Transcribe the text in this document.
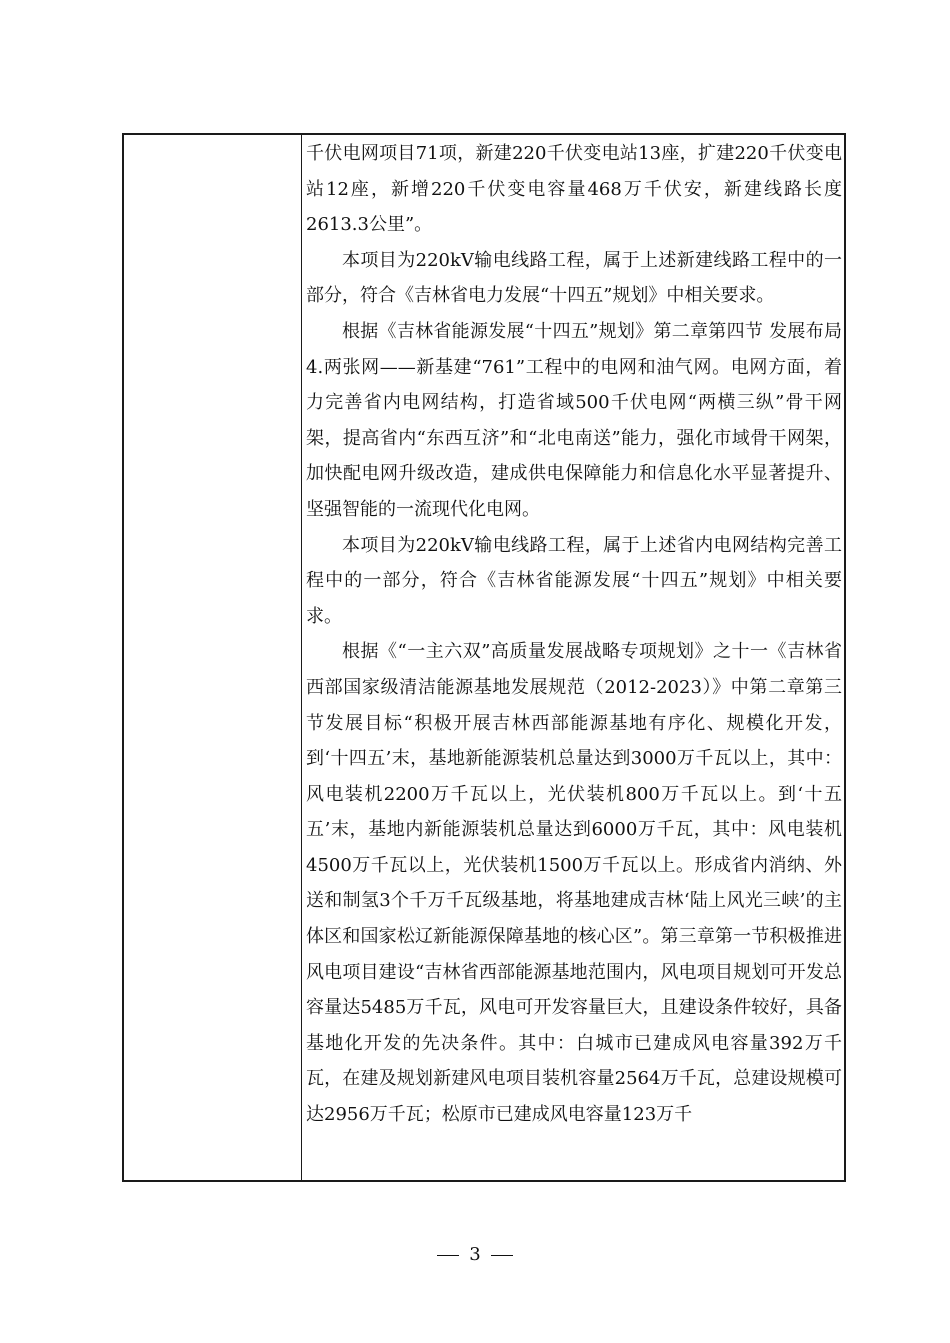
千伏电网项目71项，新建220千伏变电站13座，扩建220千伏变电站12座，新增220千伏变电容量468万千伏安，新建线路长度2613.3公里”。

本项目为220kV输电线路工程，属于上述新建线路工程中的一部分，符合《吉林省电力发展“十四五”规划》中相关要求。

根据《吉林省能源发展“十四五”规划》第二章第四节 发展布局 4.两张网——新基建“761”工程中的电网和油气网。电网方面，着力完善省内电网结构，打造省域500千伏电网“两横三纵”骨干网架，提高省内“东西互济”和“北电南送”能力，强化市域骨干网架，加快配电网升级改造，建成供电保障能力和信息化水平显著提升、坚强智能的一流现代化电网。

本项目为220kV输电线路工程，属于上述省内电网结构完善工程中的一部分，符合《吉林省能源发展“十四五”规划》中相关要求。

根据《“一主六双”高质量发展战略专项规划》之十一《吉林省西部国家级清洁能源基地发展规范（2012-2023）》中第二章第三节发展目标“积极开展吉林西部能源基地有序化、规模化开发，到‘十四五’末，基地新能源装机总量达到3000万千瓦以上，其中：风电装机2200万千瓦以上，光伏装机800万千瓦以上。到‘十五五’末，基地内新能源装机总量达到6000万千瓦，其中：风电装机4500万千瓦以上，光伏装机1500万千瓦以上。形成省内消纳、外送和制氢3个千万千瓦级基地，将基地建成吉林‘陆上风光三峡’的主体区和国家松辽新能源保障基地的核心区”。第三章第一节积极推进风电项目建设“吉林省西部能源基地范围内，风电项目规划可开发总容量达5485万千瓦，风电可开发容量巨大，且建设条件较好，具备基地化开发的先决条件。其中：白城市已建成风电容量392万千瓦，在建及规划新建风电项目装机容量2564万千瓦，总建设规模可达2956万千瓦；松原市已建成风电容量123万千

3
